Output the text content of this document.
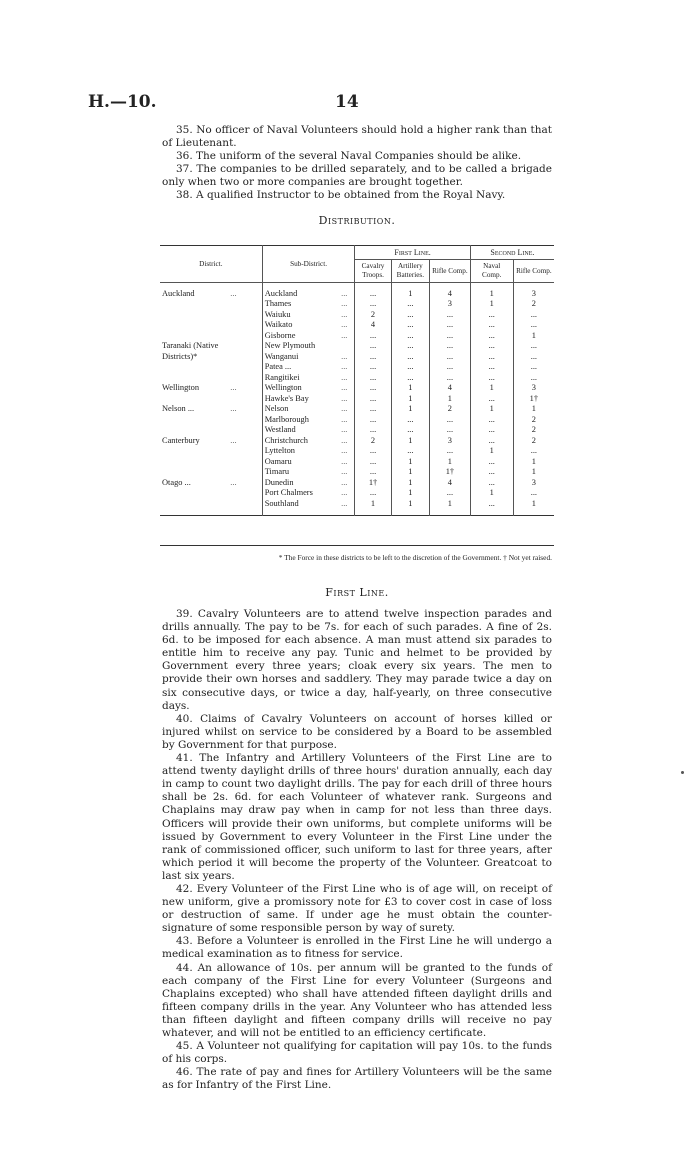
H.—10.	14

35. No officer of Naval Volunteers should hold a higher rank than that of Lieutenant.

36. The uniform of the several Naval Companies should be alike.

37. The companies to be drilled separately, and to be called a brigade only when two or more companies are brought together.

38. A qualified Instructor to be obtained from the Royal Navy.

Distribution.
District.		Sub-District.		First Line.			Second Line.	
				Cavalry Troops.	Artillery Batteries.	Rifle Comp.	Naval Comp.	Rifle Comp.

Auckland	...	Auckland	...	...	1	4	1	3
		Thames	...	...	...	3	1	2
		Waiuku	...	2	...	...	...	...
		Waikato	...	4	...	...	...	...
		Gisborne	...	...	...	...	...	1
Taranaki (Native		New Plymouth		...	...	...	...	...
Districts)*		Wanganui	...	...	...	...	...	...
		Patea ...	...	...	...	...	...	...
		Rangitikei	...	...	...	...	...	...
Wellington	...	Wellington	...	...	1	4	1	3
		Hawke's Bay	...	...	1	1	...	1†
Nelson ...	...	Nelson	...	...	1	2	1	1
		Marlborough	...	...	...	...	...	2
		Westland	...	...	...	...	...	2
Canterbury	...	Christchurch	...	2	1	3	...	2
		Lyttelton	...	...	...	...	1	...
		Oamaru	...	...	1	1	...	1
		Timaru	...	...	1	1†	...	1
Otago ...	...	Dunedin	...	1†	1	4	...	3
		Port Chalmers	...	...	1	...	1	...
		Southland	...	1	1	1	...	1

* The Force in these districts to be left to the discretion of the Government. † Not yet raised.
First Line.

39. Cavalry Volunteers are to attend twelve inspection parades and drills annually. The pay to be 7s. for each of such parades. A fine of 2s. 6d. to be imposed for each absence. A man must attend six parades to entitle him to receive any pay. Tunic and helmet to be provided by Government every three years; cloak every six years. The men to provide their own horses and saddlery. They may parade twice a day on six consecutive days, or twice a day, half-yearly, on three consecutive days.

40. Claims of Cavalry Volunteers on account of horses killed or injured whilst on service to be considered by a Board to be assembled by Government for that purpose.

41. The Infantry and Artillery Volunteers of the First Line are to attend twenty daylight drills of three hours' duration annually, each day in camp to count two daylight drills. The pay for each drill of three hours shall be 2s. 6d. for each Volunteer of whatever rank. Surgeons and Chaplains may draw pay when in camp for not less than three days. Officers will provide their own uniforms, but complete uniforms will be issued by Government to every Volunteer in the First Line under the rank of commissioned officer, such uniform to last for three years, after which period it will become the property of the Volunteer. Greatcoat to last six years.

42. Every Volunteer of the First Line who is of age will, on receipt of new uniform, give a promissory note for £3 to cover cost in case of loss or destruction of same. If under age he must obtain the counter-signature of some responsible person by way of surety.

43. Before a Volunteer is enrolled in the First Line he will undergo a medical examination as to fitness for service.

44. An allowance of 10s. per annum will be granted to the funds of each company of the First Line for every Volunteer (Surgeons and Chaplains excepted) who shall have attended fifteen daylight drills and fifteen company drills in the year. Any Volunteer who has attended less than fifteen daylight and fifteen company drills will receive no pay whatever, and will not be entitled to an efficiency certificate.

45. A Volunteer not qualifying for capitation will pay 10s. to the funds of his corps.

46. The rate of pay and fines for Artillery Volunteers will be the same as for Infantry of the First Line.
